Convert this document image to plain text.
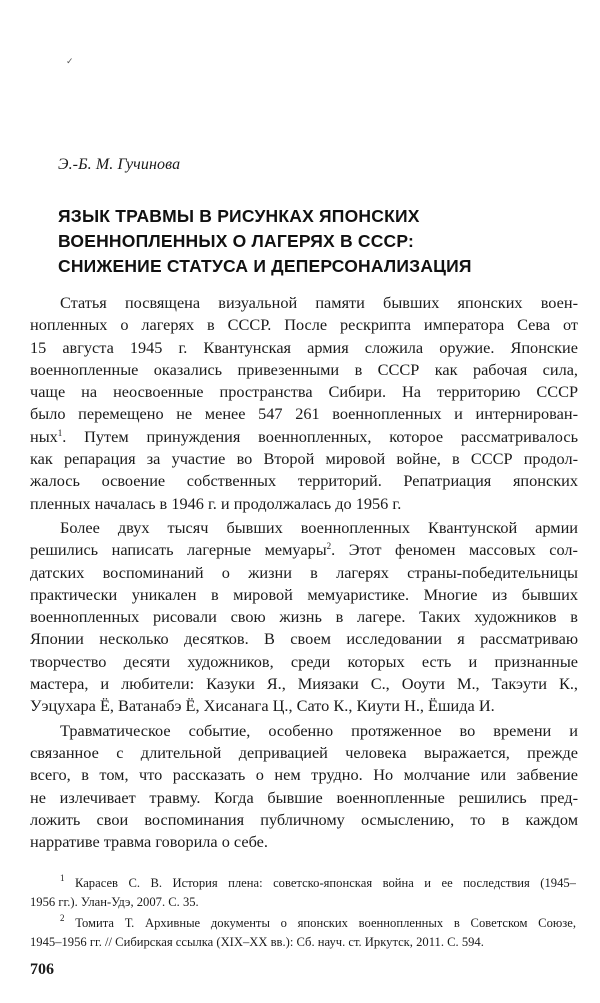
✓
Э.-Б. М. Гучинова
ЯЗЫК ТРАВМЫ В РИСУНКАХ ЯПОНСКИХ
ВОЕННОПЛЕННЫХ О ЛАГЕРЯХ В СССР:
СНИЖЕНИЕ СТАТУСА И ДЕПЕРСОНАЛИЗАЦИЯ
Статья посвящена визуальной памяти бывших японских воен-
нопленных о лагерях в СССР. После рескрипта императора Сева от
15 августа 1945 г. Квантунская армия сложила оружие. Японские
военнопленные оказались привезенными в СССР как рабочая сила,
чаще на неосвоенные пространства Сибири. На территорию СССР
было перемещено не менее 547 261 военнопленных и интернирован-
ных$^1$. Путем принуждения военнопленных, которое рассматривалось
как репарация за участие во Второй мировой войне, в СССР продол-
жалось освоение собственных территорий. Репатриация японских
пленных началась в 1946 г. и продолжалась до 1956 г.
Более двух тысяч бывших военнопленных Квантунской армии
решились написать лагерные мемуары$^2$. Этот феномен массовых сол-
датских воспоминаний о жизни в лагерях страны-победительницы
практически уникален в мировой мемуаристике. Многие из бывших
военнопленных рисовали свою жизнь в лагере. Таких художников в
Японии несколько десятков. В своем исследовании я рассматриваю
творчество десяти художников, среди которых есть и признанные
мастера, и любители: Казуки Я., Миязаки С., Ооути М., Такэути К.,
Уэцухара Ё, Ватанабэ Ё, Хисанага Ц., Сато К., Киути Н., Ёшида И.
Травматическое событие, особенно протяженное во времени и
связанное с длительной депривацией человека выражается, прежде
всего, в том, что рассказать о нем трудно. Но молчание или забвение
не излечивает травму. Когда бывшие военнопленные решились пред-
ложить свои воспоминания публичному осмыслению, то в каждом
нарративе травма говорила о себе.
$^1$ Карасев С. В. История плена: советско-японская война и ее последствия (1945–
1956 гг.). Улан-Удэ, 2007. С. 35.
$^2$ Томита Т. Архивные документы о японских военнопленных в Советском Союзе,
1945–1956 гг. // Сибирская ссылка (XIX–XX вв.): Сб. науч. ст. Иркутск, 2011. С. 594.
706
